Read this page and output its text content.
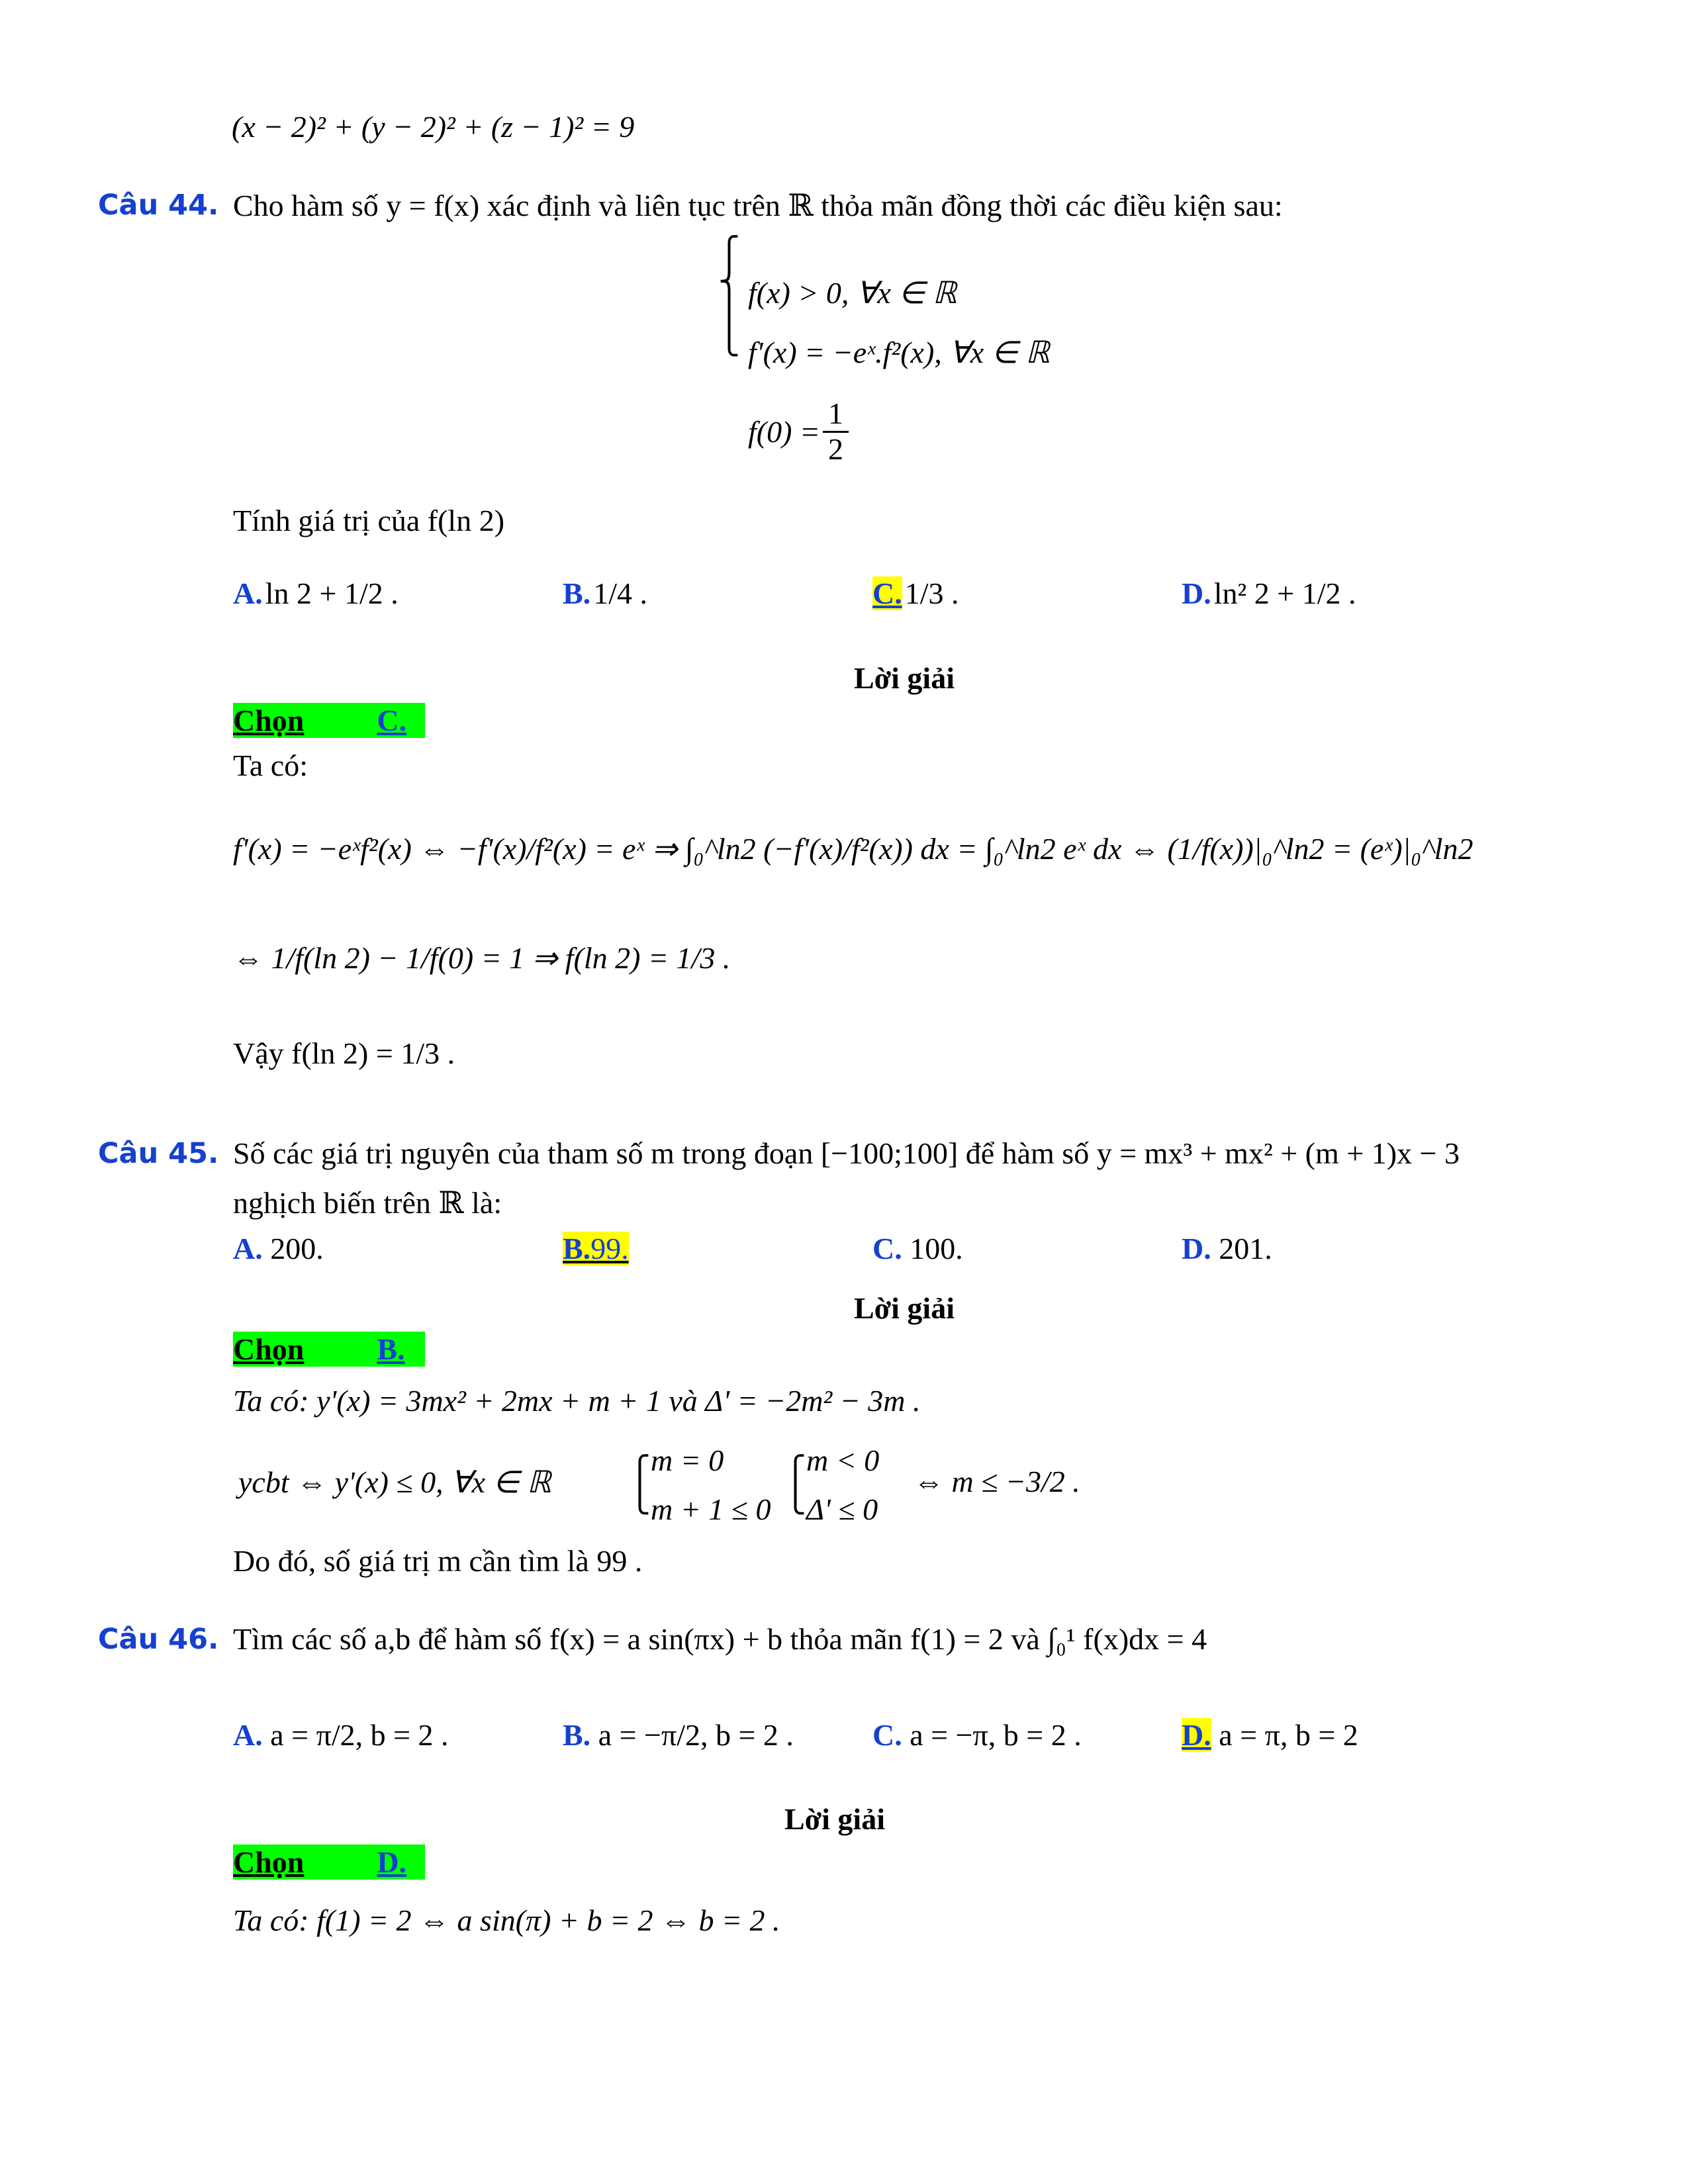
(x − 2)² + (y − 2)² + (z − 1)² = 9
Câu 44. Cho hàm số y = f(x) xác định và liên tục trên ℝ thỏa mãn đồng thời các điều kiện sau:
⎧
⎨
⎪
⎩
f(x) > 0, ∀x ∈ ℝ
f'(x) = −eˣ.f²(x), ∀x ∈ ℝ
$f(0) = \frac{1}{2}$
Tính giá trị của f(ln 2)
A. ln 2 + 1/2 .	B. 1/4 .	C. 1/3 .	D. ln² 2 + 1/2 .
Lời giải
Chọn C.
Ta có:
f'(x) = −eˣf²(x) ⇔ −f'(x)/f²(x) = eˣ ⇒ ∫₀^ln2 (−f'(x)/f²(x)) dx = ∫₀^ln2 eˣ dx ⇔ (1/f(x))|₀^ln2 = (eˣ)|₀^ln2
⇔ 1/f(ln 2) − 1/f(0) = 1 ⇒ f(ln 2) = 1/3 .
Vậy f(ln 2) = 1/3 .
Câu 45. Số các giá trị nguyên của tham số m trong đoạn [−100;100] để hàm số y = mx³ + mx² + (m + 1)x − 3
nghịch biến trên ℝ là:
A. 200.	B.99.	C. 100.	D. 201.
Lời giải
Chọn B.
Ta có: y'(x) = 3mx² + 2mx + m + 1 và Δ' = −2m² − 3m .
ycbt ⇔ y'(x) ≤ 0, ∀x ∈ ℝ	⎧
⎩
m = 0
m + 1 ≤ 0
⎧
⎩
m < 0
Δ' ≤ 0
⇔ m ≤ −3/2 .
Do đó, số giá trị m cần tìm là 99 .
Câu 46. Tìm các số a,b để hàm số f(x) = a sin(πx) + b thỏa mãn f(1) = 2 và ∫₀¹ f(x)dx = 4
A. a = π/2, b = 2 .	B. a = −π/2, b = 2 .	C. a = −π, b = 2 .	D. a = π, b = 2
Lời giải
Chọn D.
Ta có: f(1) = 2 ⇔ a sin(π) + b = 2 ⇔ b = 2 .
